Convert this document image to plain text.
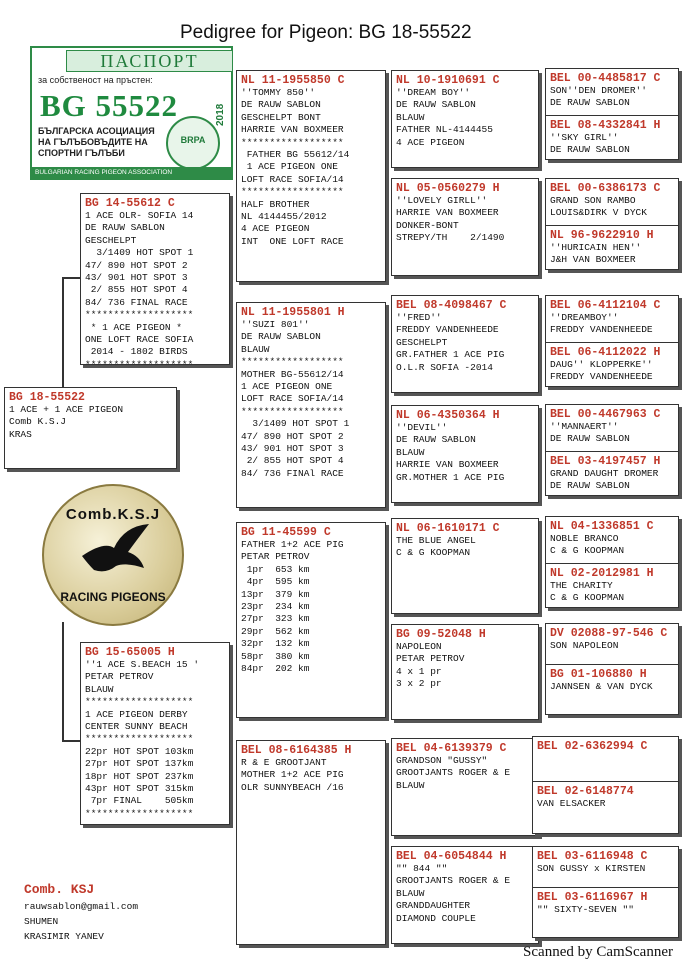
Pedigree for Pigeon: BG 18-55522
ПАСПОРТ
за собственост на пръстен:
BG 55522	2018
БЪЛГАРСКА АСОЦИАЦИЯ
НА ГЪЛЪБОВЪДИТЕ НА
СПОРТНИ ГЪЛЪБИ
BRPA
BULGARIAN RACING PIGEON ASSOCIATION
BG 18-55522
1 ACE + 1 ACE PIGEON
Comb K.S.J
KRAS
Comb.K.S.J
RACING PIGEONS
BG 14-55612 C
1 ACE OLR- SOFIA 14
DE RAUW SABLON
GESCHELPT
3/1409 HOT SPOT 1
47/ 890 HOT SPOT 2
43/ 901 HOT SPOT 3
2/ 855 HOT SPOT 4
84/ 736 FINAL RACE
*******************
* 1 ACE PIGEON *
ONE LOFT RACE SOFIA
2014 - 1802 BIRDS
*******************
BG 15-65005 H
''1 ACE S.BEACH 15 '
PETAR PETROV
BLAUW
*******************
1 ACE PIGEON DERBY
CENTER SUNNY BEACH
*******************
22pr HOT SPOT 103km
27pr HOT SPOT 137km
18pr HOT SPOT 237km
43pr HOT SPOT 315km
7pr FINAL    505km
*******************
NL 11-1955850 C
''TOMMY 850''
DE RAUW SABLON
GESCHELPT BONT
HARRIE VAN BOXMEER
******************
FATHER BG 55612/14
1 ACE PIGEON ONE
LOFT RACE SOFIA/14
******************
HALF BROTHER
NL 4144455/2012
4 ACE PIGEON
INT  ONE LOFT RACE
NL 11-1955801 H
''SUZI 801''
DE RAUW SABLON
BLAUW
******************
MOTHER BG-55612/14
1 ACE PIGEON ONE
LOFT RACE SOFIA/14
******************
3/1409 HOT SPOT 1
47/ 890 HOT SPOT 2
43/ 901 HOT SPOT 3
2/ 855 HOT SPOT 4
84/ 736 FINAl RACE
BG 11-45599 C
FATHER 1+2 ACE PIG
PETAR PETROV
1pr  653 km
4pr  595 km
13pr  379 km
23pr  234 km
27pr  323 km
29pr  562 km
32pr  132 km
58pr  380 km
84pr  202 km
BEL 08-6164385 H
R & E GROOTJANT
MOTHER 1+2 ACE PIG
OLR SUNNYBEACH /16
NL 10-1910691 C
''DREAM BOY''
DE RAUW SABLON
BLAUW
FATHER NL-4144455
4 ACE PIGEON
NL 05-0560279 H
''LOVELY GIRLL''
HARRIE VAN BOXMEER
DONKER-BONT
STREPY/TH    2/1490
BEL 08-4098467 C
''FRED''
FREDDY VANDENHEEDE
GESCHELPT
GR.FATHER 1 ACE PIG
O.L.R SOFIA -2014
NL 06-4350364 H
''DEVIL''
DE RAUW SABLON
BLAUW
HARRIE VAN BOXMEER
GR.MOTHER 1 ACE PIG
NL 06-1610171 C
THE BLUE ANGEL
C & G KOOPMAN
BG 09-52048 H
NAPOLEON
PETAR PETROV
4 x 1 pr
3 x 2 pr
BEL 04-6139379 C
GRANDSON "GUSSY"
GROOTJANTS ROGER & E
BLAUW
BEL 04-6054844 H
"" 844 ""
GROOTJANTS ROGER & E
BLAUW
GRANDDAUGHTER
DIAMOND COUPLE
BEL 00-4485817 C
SON''DEN DROMER''
DE RAUW SABLON
BEL 08-4332841 H
''SKY GIRL''
DE RAUW SABLON
BEL 00-6386173 C
GRAND SON RAMBO
LOUIS&DIRK V DYCK
NL 96-9622910 H
''HURICAIN HEN''
J&H VAN BOXMEER
BEL 06-4112104 C
''DREAMBOY''
FREDDY VANDENHEEDE
BEL 06-4112022 H
DAUG'' KLOPPERKE''
FREDDY VANDENHEEDE
BEL 00-4467963 C
''MANNAERT''
DE RAUW SABLON
BEL 03-4197457 H
GRAND DAUGHT DROMER
DE RAUW SABLON
NL 04-1336851 C
NOBLE BRANCO
C & G KOOPMAN
NL 02-2012981 H
THE CHARITY
C & G KOOPMAN
DV 02088-97-546 C
SON NAPOLEON
BG 01-106880 H
JANNSEN & VAN DYCK
BEL 02-6362994 C
BEL 02-6148774
VAN ELSACKER
BEL 03-6116948 C
SON GUSSY x KIRSTEN
BEL 03-6116967 H
"" SIXTY-SEVEN ""
Comb. KSJ
rauwsablon@gmail.com
SHUMEN
KRASIMIR YANEV
Scanned by CamScanner
